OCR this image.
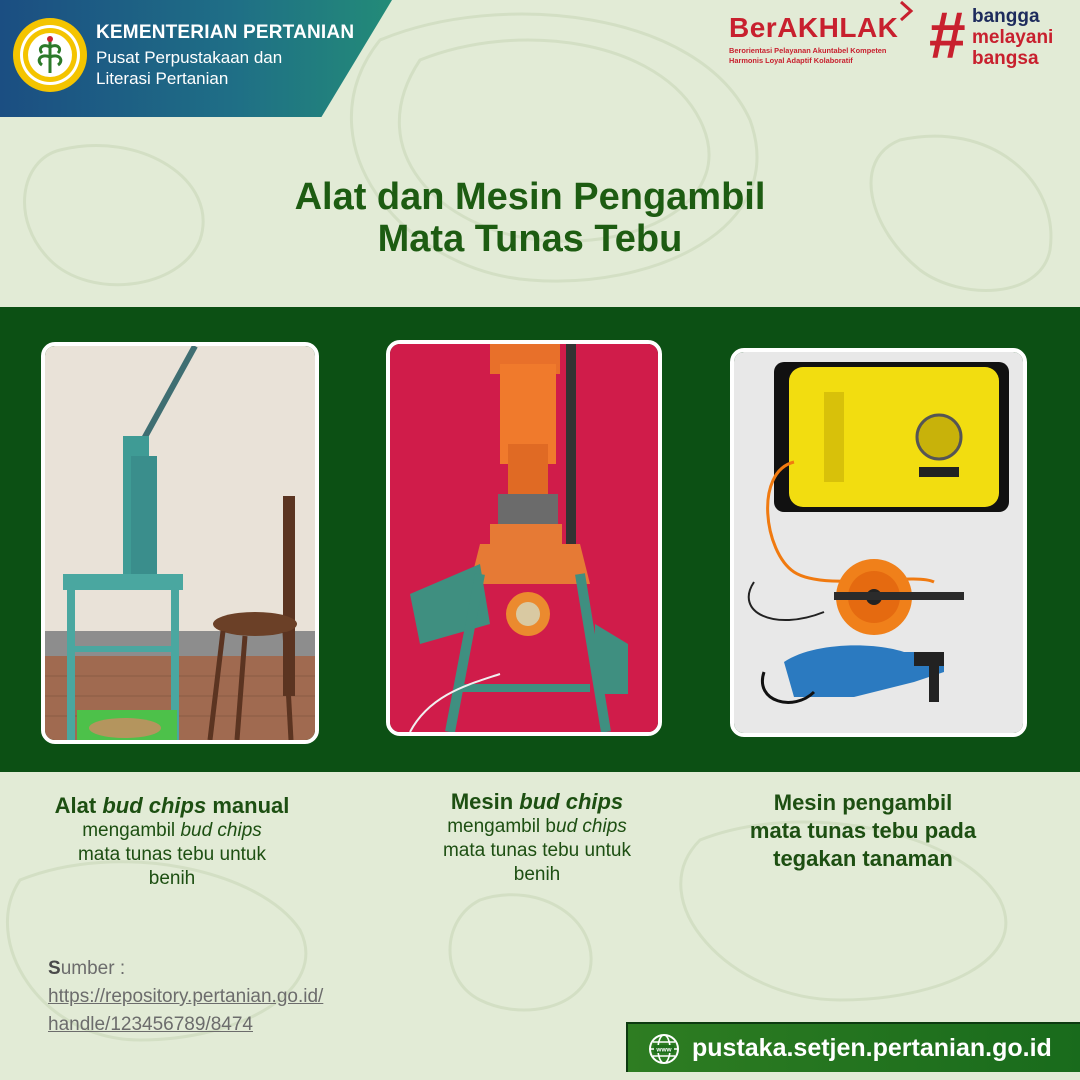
KEMENTERIAN PERTANIAN
Pusat Perpustakaan dan Literasi Pertanian
BerAKHLAK
Berorientasi Pelayanan Akuntabel Kompeten
Harmonis Loyal Adaptif Kolaboratif	# bangga
melayani
bangsa
Alat dan Mesin Pengambil
Mata Tunas Tebu
Alat bud chips manual
mengambil bud chips
mata tunas tebu untuk
benih
Mesin bud chips
mengambil bud chips
mata tunas tebu untuk
benih
Mesin pengambil
mata tunas tebu pada
tegakan tanaman
Sumber :
https://repository.pertanian.go.id/
handle/123456789/8474
www pustaka.setjen.pertanian.go.id
